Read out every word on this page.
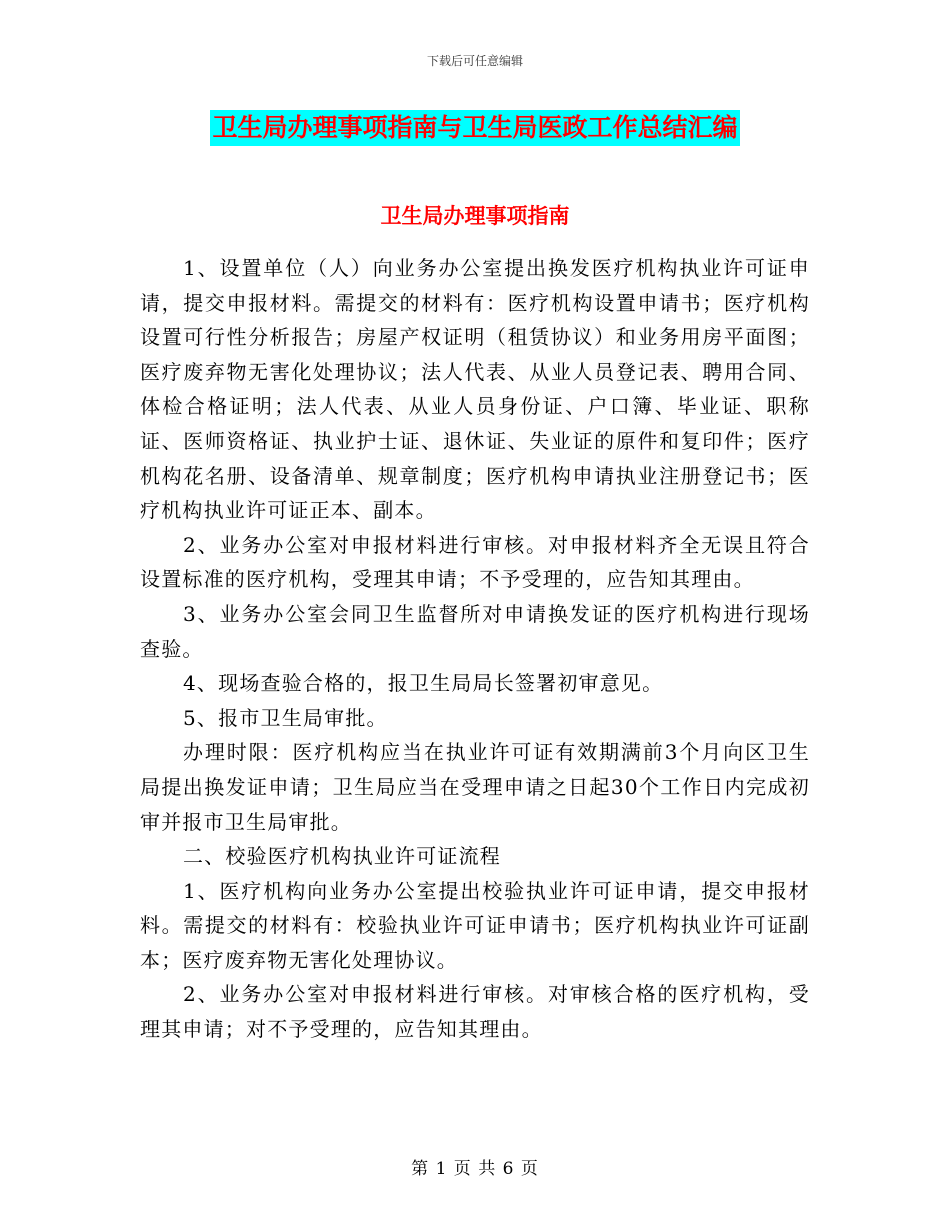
下载后可任意编辑
卫生局办理事项指南与卫生局医政工作总结汇编
卫生局办理事项指南

1、设置单位（人）向业务办公室提出换发医疗机构执业许可证申请，提交申报材料。需提交的材料有：医疗机构设置申请书；医疗机构设置可行性分析报告；房屋产权证明（租赁协议）和业务用房平面图；医疗废弃物无害化处理协议；法人代表、从业人员登记表、聘用合同、体检合格证明；法人代表、从业人员身份证、户口簿、毕业证、职称证、医师资格证、执业护士证、退休证、失业证的原件和复印件；医疗机构花名册、设备清单、规章制度；医疗机构申请执业注册登记书；医疗机构执业许可证正本、副本。

2、业务办公室对申报材料进行审核。对申报材料齐全无误且符合设置标准的医疗机构，受理其申请；不予受理的，应告知其理由。

3、业务办公室会同卫生监督所对申请换发证的医疗机构进行现场查验。

4、现场查验合格的，报卫生局局长签署初审意见。

5、报市卫生局审批。

办理时限：医疗机构应当在执业许可证有效期满前3个月向区卫生局提出换发证申请；卫生局应当在受理申请之日起30个工作日内完成初审并报市卫生局审批。

二、校验医疗机构执业许可证流程

1、医疗机构向业务办公室提出校验执业许可证申请，提交申报材料。需提交的材料有：校验执业许可证申请书；医疗机构执业许可证副本；医疗废弃物无害化处理协议。

2、业务办公室对申报材料进行审核。对审核合格的医疗机构，受理其申请；对不予受理的，应告知其理由。

第 1 页 共 6 页
